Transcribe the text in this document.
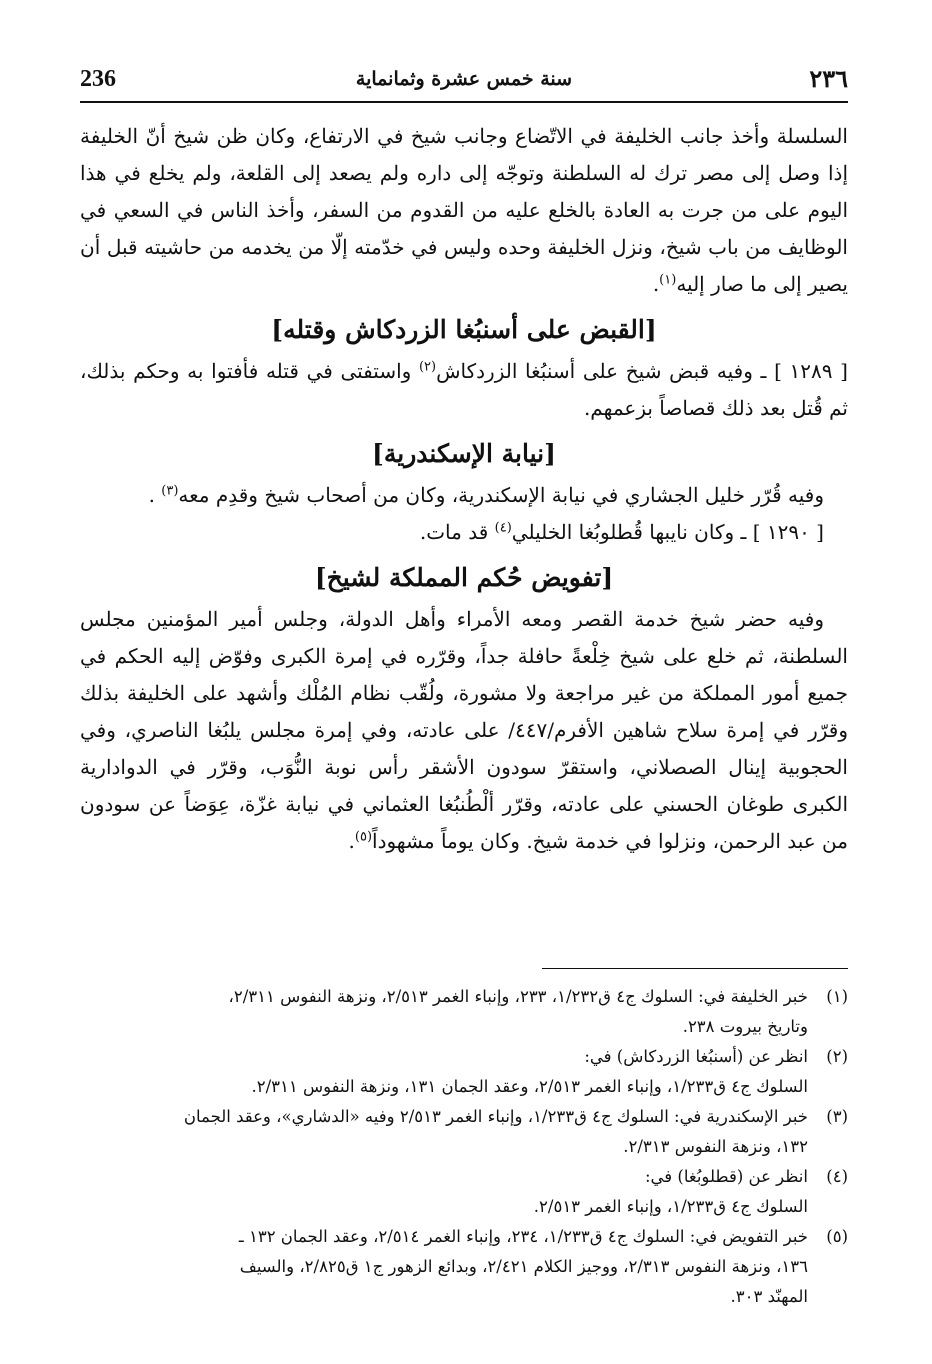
236	سنة خمس عشرة وثمانماية	٢٣٦

السلسلة وأخذ جانب الخليفة في الاتّضاع وجانب شيخ في الارتفاع، وكان ظن شيخ أنّ الخليفة إذا وصل إلى مصر ترك له السلطنة وتوجّه إلى داره ولم يصعد إلى القلعة، ولم يخلع في هذا اليوم على من جرت به العادة بالخلع عليه من القدوم من السفر، وأخذ الناس في السعي في الوظايف من باب شيخ، ونزل الخليفة وحده وليس في خدّمته إلّا من يخدمه من حاشيته قبل أن يصير إلى ما صار إليه$^{(١)}$.

[القبض على أسنبُغا الزردكاش وقتله]

[ ١٢٨٩ ] ـ وفيه قبض شيخ على أسنبُغا الزردكاش$^{(٢)}$ واستفتى في قتله فأفتوا به وحكم بذلك، ثم قُتل بعد ذلك قصاصاً بزعمهم.

[نيابة الإسكندرية]

وفيه قُرّر خليل الجشاري في نيابة الإسكندرية، وكان من أصحاب شيخ وقدِم معه$^{(٣)}$ .

[ ١٢٩٠ ] ـ وكان نايبها قُطلوبُغا الخليلي$^{(٤)}$ قد مات.

[تفويض حُكم المملكة لشيخ]

وفيه حضر شيخ خدمة القصر ومعه الأمراء وأهل الدولة، وجلس أمير المؤمنين مجلس السلطنة، ثم خلع على شيخ خِلْعةً حافلة جداً، وقرّره في إمرة الكبرى وفوّض إليه الحكم في جميع أمور المملكة من غير مراجعة ولا مشورة، ولُقّب نظام المُلْك وأشهد على الخليفة بذلك وقرّر في إمرة سلاح شاهين الأفرم/٤٤٧/ على عادته، وفي إمرة مجلس يلبُغا الناصري، وفي الحجوبية إينال الصصلاني، واستقرّ سودون الأشقر رأس نوبة النُّوَب، وقرّر في الدوادارية الكبرى طوغان الحسني على عادته، وقرّر ألْطُنبُغا العثماني في نيابة غزّة، عِوَضاً عن سودون من عبد الرحمن، ونزلوا في خدمة شيخ. وكان يوماً مشهوداً$^{(٥)}$.

(١)
خبر الخليفة في: السلوك ج٤ ق١/٢٣٢، ٢٣٣، وإنباء الغمر ٢/٥١٣، ونزهة النفوس ٢/٣١١،
وتاريخ بيروت ٢٣٨.
(٢)
انظر عن (أسنبُغا الزردكاش) في:
السلوك ج٤ ق١/٢٣٣، وإنباء الغمر ٢/٥١٣، وعقد الجمان ١٣١، ونزهة النفوس ٢/٣١١.
(٣)
خبر الإسكندرية في: السلوك ج٤ ق١/٢٣٣، وإنباء الغمر ٢/٥١٣ وفيه «الدشاري»، وعقد الجمان
١٣٢، ونزهة النفوس ٢/٣١٣.
(٤)
انظر عن (قطلوبُغا) في:
السلوك ج٤ ق١/٢٣٣، وإنباء الغمر ٢/٥١٣.
(٥)
خبر التفويض في: السلوك ج٤ ق١/٢٣٣، ٢٣٤، وإنباء الغمر ٢/٥١٤، وعقد الجمان ١٣٢ ـ
١٣٦، ونزهة النفوس ٢/٣١٣، ووجيز الكلام ٢/٤٢١، وبدائع الزهور ج١ ق٢/٨٢٥، والسيف
المهنّد ٣٠٣.
